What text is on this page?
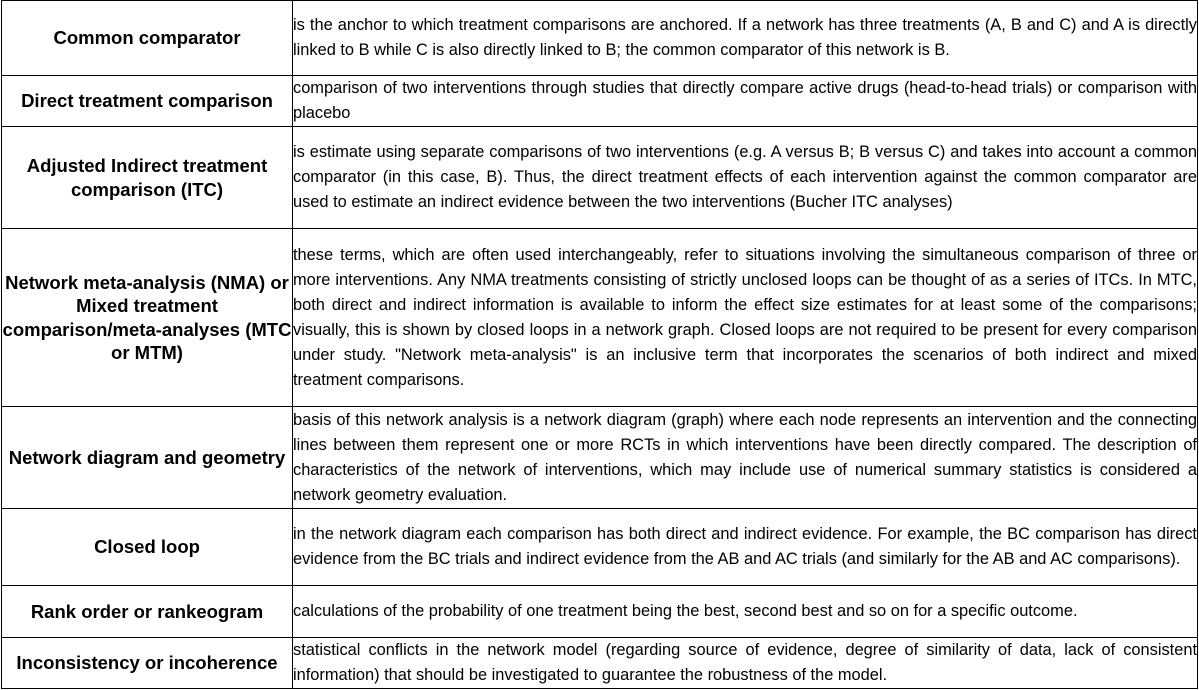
Common comparator	is the anchor to which treatment comparisons are anchored. If a network has three treatments (A, B and C) and A is directly linked to B while C is also directly linked to B; the common comparator of this network is B.
Direct treatment comparison	comparison of two interventions through studies that directly compare active drugs (head-to-head trials) or comparison with placebo
Adjusted Indirect treatment comparison (ITC)	is estimate using separate comparisons of two interventions (e.g. A versus B; B versus C) and takes into account a common comparator (in this case, B). Thus, the direct treatment effects of each intervention against the common comparator are used to estimate an indirect evidence between the two interventions (Bucher ITC analyses)
Network meta-analysis (NMA) or Mixed treatment comparison/meta-analyses (MTC or MTM)	these terms, which are often used interchangeably, refer to situations involving the simultaneous comparison of three or more interventions. Any NMA treatments consisting of strictly unclosed loops can be thought of as a series of ITCs. In MTC, both direct and indirect information is available to inform the effect size estimates for at least some of the comparisons; visually, this is shown by closed loops in a network graph. Closed loops are not required to be present for every comparison under study. "Network meta-analysis" is an inclusive term that incorporates the scenarios of both indirect and mixed treatment comparisons.
Network diagram and geometry	basis of this network analysis is a network diagram (graph) where each node represents an intervention and the connecting lines between them represent one or more RCTs in which interventions have been directly compared. The description of characteristics of the network of interventions, which may include use of numerical summary statistics is considered a network geometry evaluation.
Closed loop	in the network diagram each comparison has both direct and indirect evidence. For example, the BC comparison has direct evidence from the BC trials and indirect evidence from the AB and AC trials (and similarly for the AB and AC comparisons).
Rank order or rankeogram	calculations of the probability of one treatment being the best, second best and so on for a specific outcome.
Inconsistency or incoherence	statistical conflicts in the network model (regarding source of evidence, degree of similarity of data, lack of consistent information) that should be investigated to guarantee the robustness of the model.
